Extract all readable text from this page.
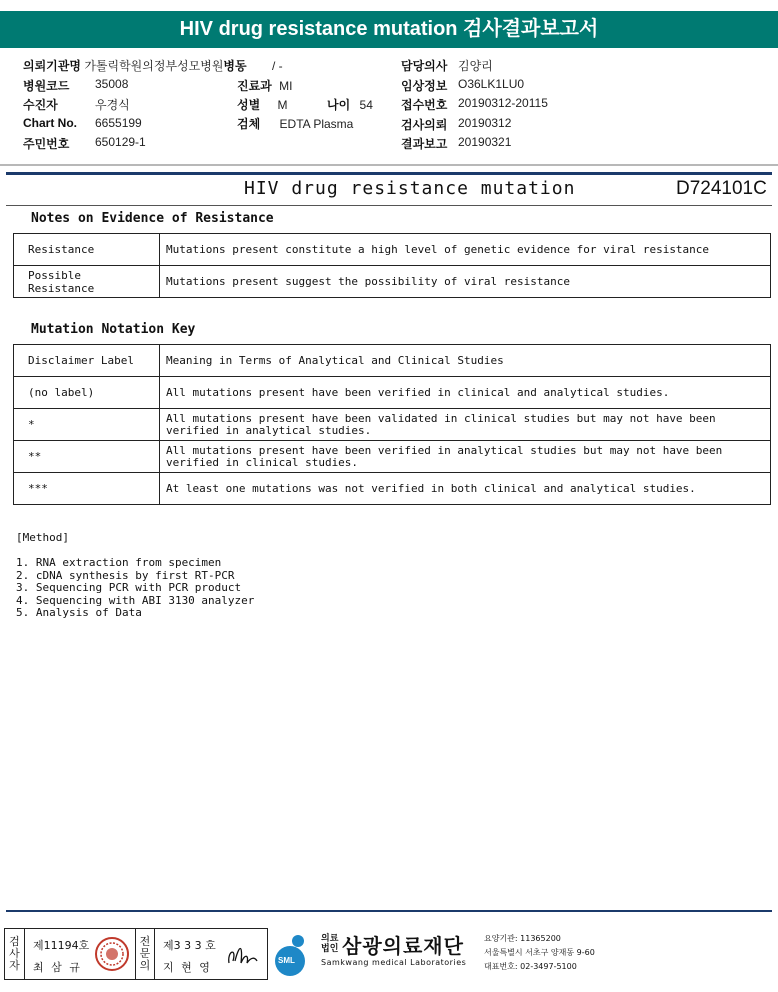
HIV drug resistance mutation 검사결과보고서
의뢰기관명 가톨릭학원의정부성모병원병동 / -
병원코드 35008	진료과 MI
수진자	우경식	성별 M	나이 54
Chart No. 6655199	검체 EDTA Plasma
주민번호 650129-1
담당의사 김양리
임상정보 O36LK1LU0
접수번호 20190312-20115
검사의뢰 20190312
결과보고 20190321
HIV drug resistance mutation	D724101C
Notes on Evidence of Resistance
Resistance	Mutations present constitute a high level of genetic evidence for viral resistance
Possible Resistance	Mutations present suggest the possibility of viral resistance
Mutation Notation Key
Disclaimer Label	Meaning in Terms of Analytical and Clinical Studies
(no label)	All mutations present have been verified in clinical and analytical studies.
*	All mutations present have been validated in clinical studies but may not have been verified in analytical studies.
**	All mutations present have been verified in analytical studies but may not have been verified in clinical studies.
***	At least one mutations was not verified in both clinical and analytical studies.
[Method]
1. RNA extraction from specimen
2. cDNA synthesis by first RT-PCR
3. Sequencing PCR with PCR product
4. Sequencing with ABI 3130 analyzer
5. Analysis of Data
검
사
자
제11194호
최 삼 규
전
문
의
제3 3 3 호
지 현 영
SML
의료
법인 삼광의료재단
Samkwang medical Laboratories
요양기관: 11365200
서울특별시 서초구 양재동 9-60
대표번호: 02-3497-5100
